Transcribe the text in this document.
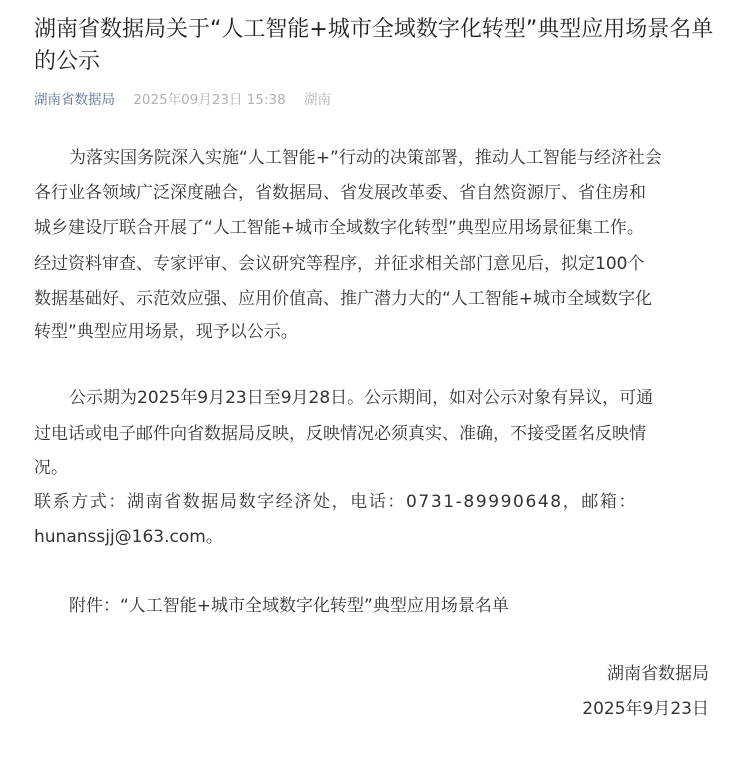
湖南省数据局关于“人工智能+城市全域数字化转型”典型应用场景名单的公示
湖南省数据局 2025年09月23日 15:38 湖南

为落实国务院深入实施“人工智能+”行动的决策部署，推动人工智能与经济社会

各行业各领域广泛深度融合，省数据局、省发展改革委、省自然资源厅、省住房和

城乡建设厅联合开展了“人工智能+城市全域数字化转型”典型应用场景征集工作。

经过资料审查、专家评审、会议研究等程序，并征求相关部门意见后，拟定100个

数据基础好、示范效应强、应用价值高、推广潜力大的“人工智能+城市全域数字化

转型”典型应用场景，现予以公示。

公示期为2025年9月23日至9月28日。公示期间，如对公示对象有异议，可通

过电话或电子邮件向省数据局反映，反映情况必须真实、准确，不接受匿名反映情

况。

联系方式：湖南省数据局数字经济处，电话：0731-89990648，邮箱：

hunanssjj@163.com。

附件：“人工智能+城市全域数字化转型”典型应用场景名单

湖南省数据局

2025年9月23日
